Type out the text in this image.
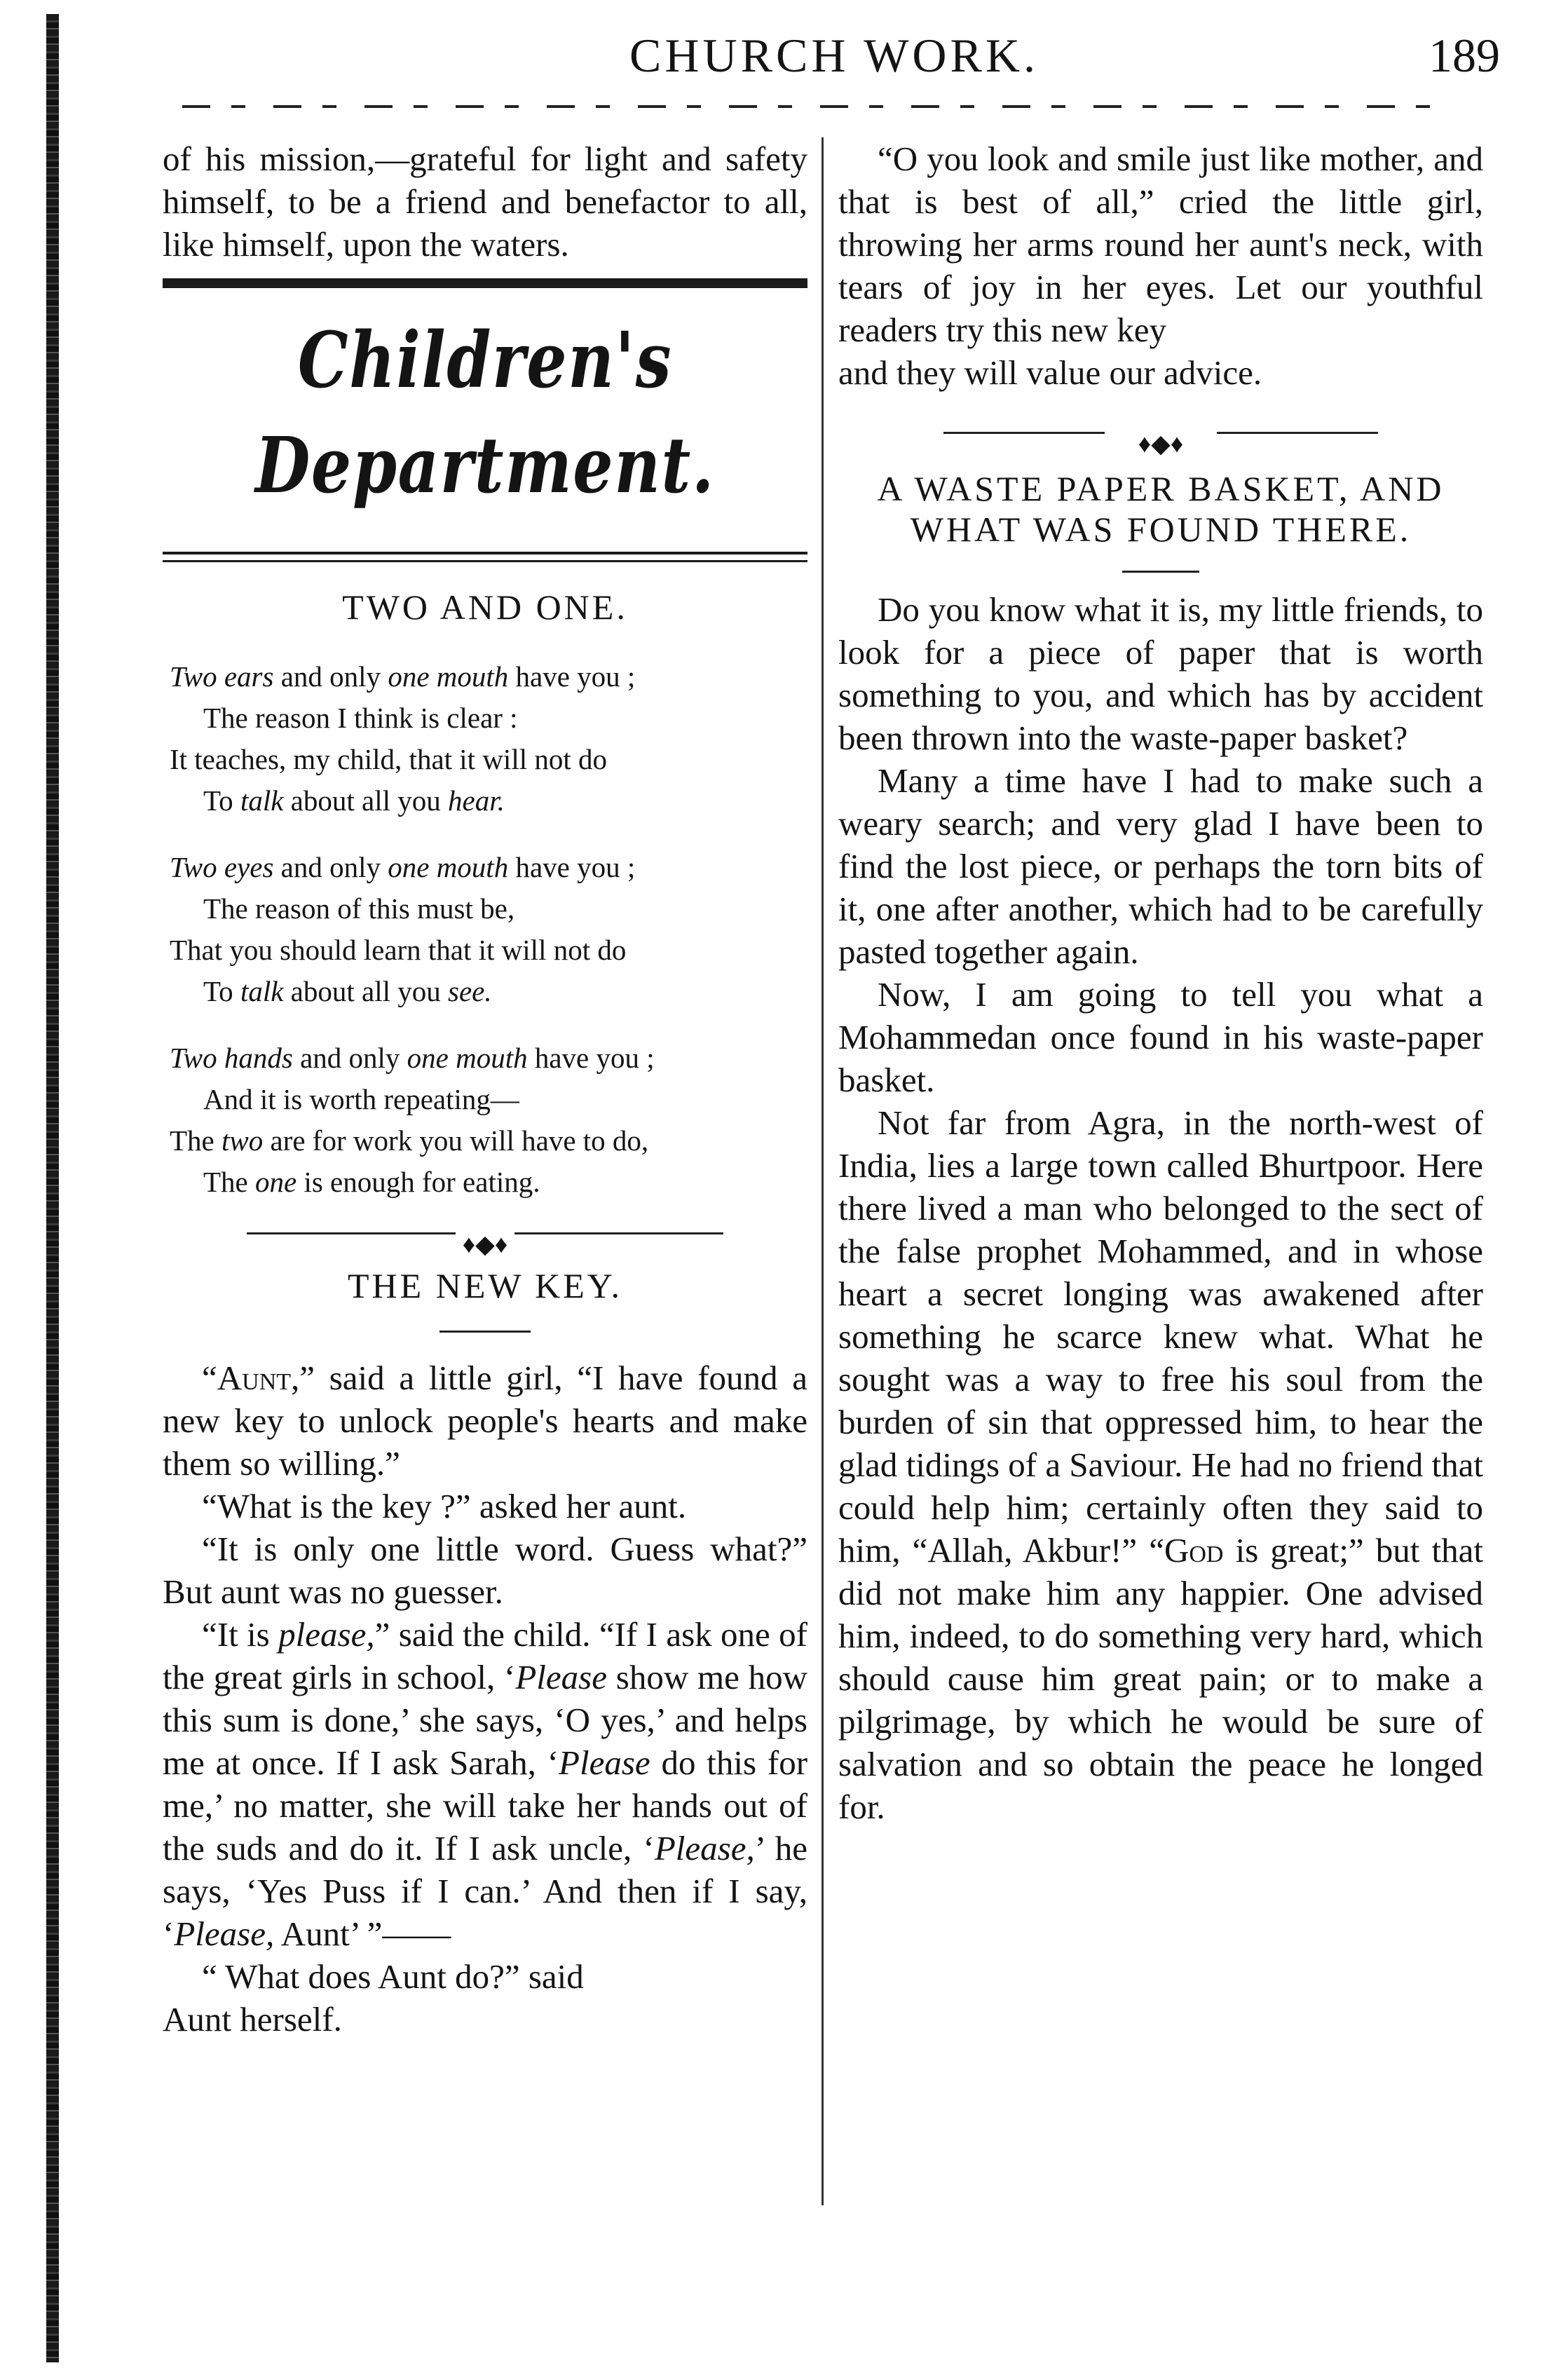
CHURCH WORK.	189

of his mission,—grateful for light and safety himself, to be a friend and benefactor to all, like himself, upon the waters.

Children's Department.

TWO AND ONE.

Two ears and only one mouth have you ;
The reason I think is clear :
It teaches, my child, that it will not do
To talk about all you hear.
Two eyes and only one mouth have you ;
The reason of this must be,
That you should learn that it will not do
To talk about all you see.
Two hands and only one mouth have you ;
And it is worth repeating—
The two are for work you will have to do,
The one is enough for eating.
♦◆♦

THE NEW KEY.

“Aunt,” said a little girl, “I have found a new key to unlock people's hearts and make them so willing.”

“What is the key ?” asked her aunt.

“It is only one little word. Guess what?” But aunt was no guesser.

“It is please,” said the child. “If I ask one of the great girls in school, ‘Please show me how this sum is done,’ she says, ‘O yes,’ and helps me at once. If I ask Sarah, ‘Please do this for me,’ no matter, she will take her hands out of the suds and do it. If I ask uncle, ‘Please,’ he says, ‘Yes Puss if I can.’ And then if I say, ‘Please, Aunt’ ”——

“ What does Aunt do?” said
Aunt herself.

“O you look and smile just like mother, and that is best of all,” cried the little girl, throwing her arms round her aunt's neck, with tears of joy in her eyes. Let our youthful readers try this new key

and they will value our advice.

♦◆♦

A WASTE PAPER BASKET, AND WHAT WAS FOUND THERE.

Do you know what it is, my little friends, to look for a piece of paper that is worth something to you, and which has by accident been thrown into the waste-paper basket?

Many a time have I had to make such a weary search; and very glad I have been to find the lost piece, or perhaps the torn bits of it, one after another, which had to be carefully pasted together again.

Now, I am going to tell you what a Mohammedan once found in his waste-paper basket.

Not far from Agra, in the north-west of India, lies a large town called Bhurtpoor. Here there lived a man who belonged to the sect of the false prophet Mohammed, and in whose heart a secret longing was awakened after something he scarce knew what. What he sought was a way to free his soul from the burden of sin that oppressed him, to hear the glad tidings of a Saviour. He had no friend that could help him; certainly often they said to him, “Allah, Akbur!” “God is great;” but that did not make him any happier. One advised him, indeed, to do something very hard, which should cause him great pain; or to make a pilgrimage, by which he would be sure of salvation and so obtain the peace he longed for.
